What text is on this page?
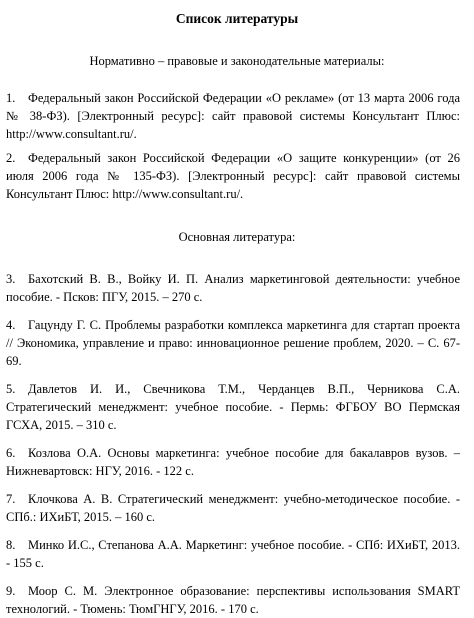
Список литературы
Нормативно – правовые и законодательные материалы:
1. Федеральный закон Российской Федерации «О рекламе» (от 13 марта 2006 года № 38-ФЗ). [Электронный ресурс]: сайт правовой системы Консультант Плюс: http://www.consultant.ru/.
2. Федеральный закон Российской Федерации «О защите конкуренции» (от 26 июля 2006 года № 135-ФЗ). [Электронный ресурс]: сайт правовой системы Консультант Плюс: http://www.consultant.ru/.
Основная литература:
3. Бахотский В. В., Войку И. П. Анализ маркетинговой деятельности: учебное пособие. - Псков: ПГУ, 2015. – 270 с.
4. Гацунду Г. С. Проблемы разработки комплекса маркетинга для стартап проекта // Экономика, управление и право: инновационное решение проблем, 2020. – С. 67-69.
5. Давлетов И. И., Свечникова Т.М., Черданцев В.П., Черникова С.А. Стратегический менеджмент: учебное пособие. - Пермь: ФГБОУ ВО Пермская ГСХА, 2015. – 310 с.
6. Козлова О.А. Основы маркетинга: учебное пособие для бакалавров вузов. – Нижневартовск: НГУ, 2016. - 122 с.
7. Клочкова А. В. Стратегический менеджмент: учебно-методическое пособие. - СПб.: ИХиБТ, 2015. – 160 с.
8. Минко И.С., Степанова А.А. Маркетинг: учебное пособие. - СПб: ИХиБТ, 2013. - 155 с.
9. Моор С. М. Электронное образование: перспективы использования SMART технологий. - Тюмень: ТюмГНГУ, 2016. - 170 с.
